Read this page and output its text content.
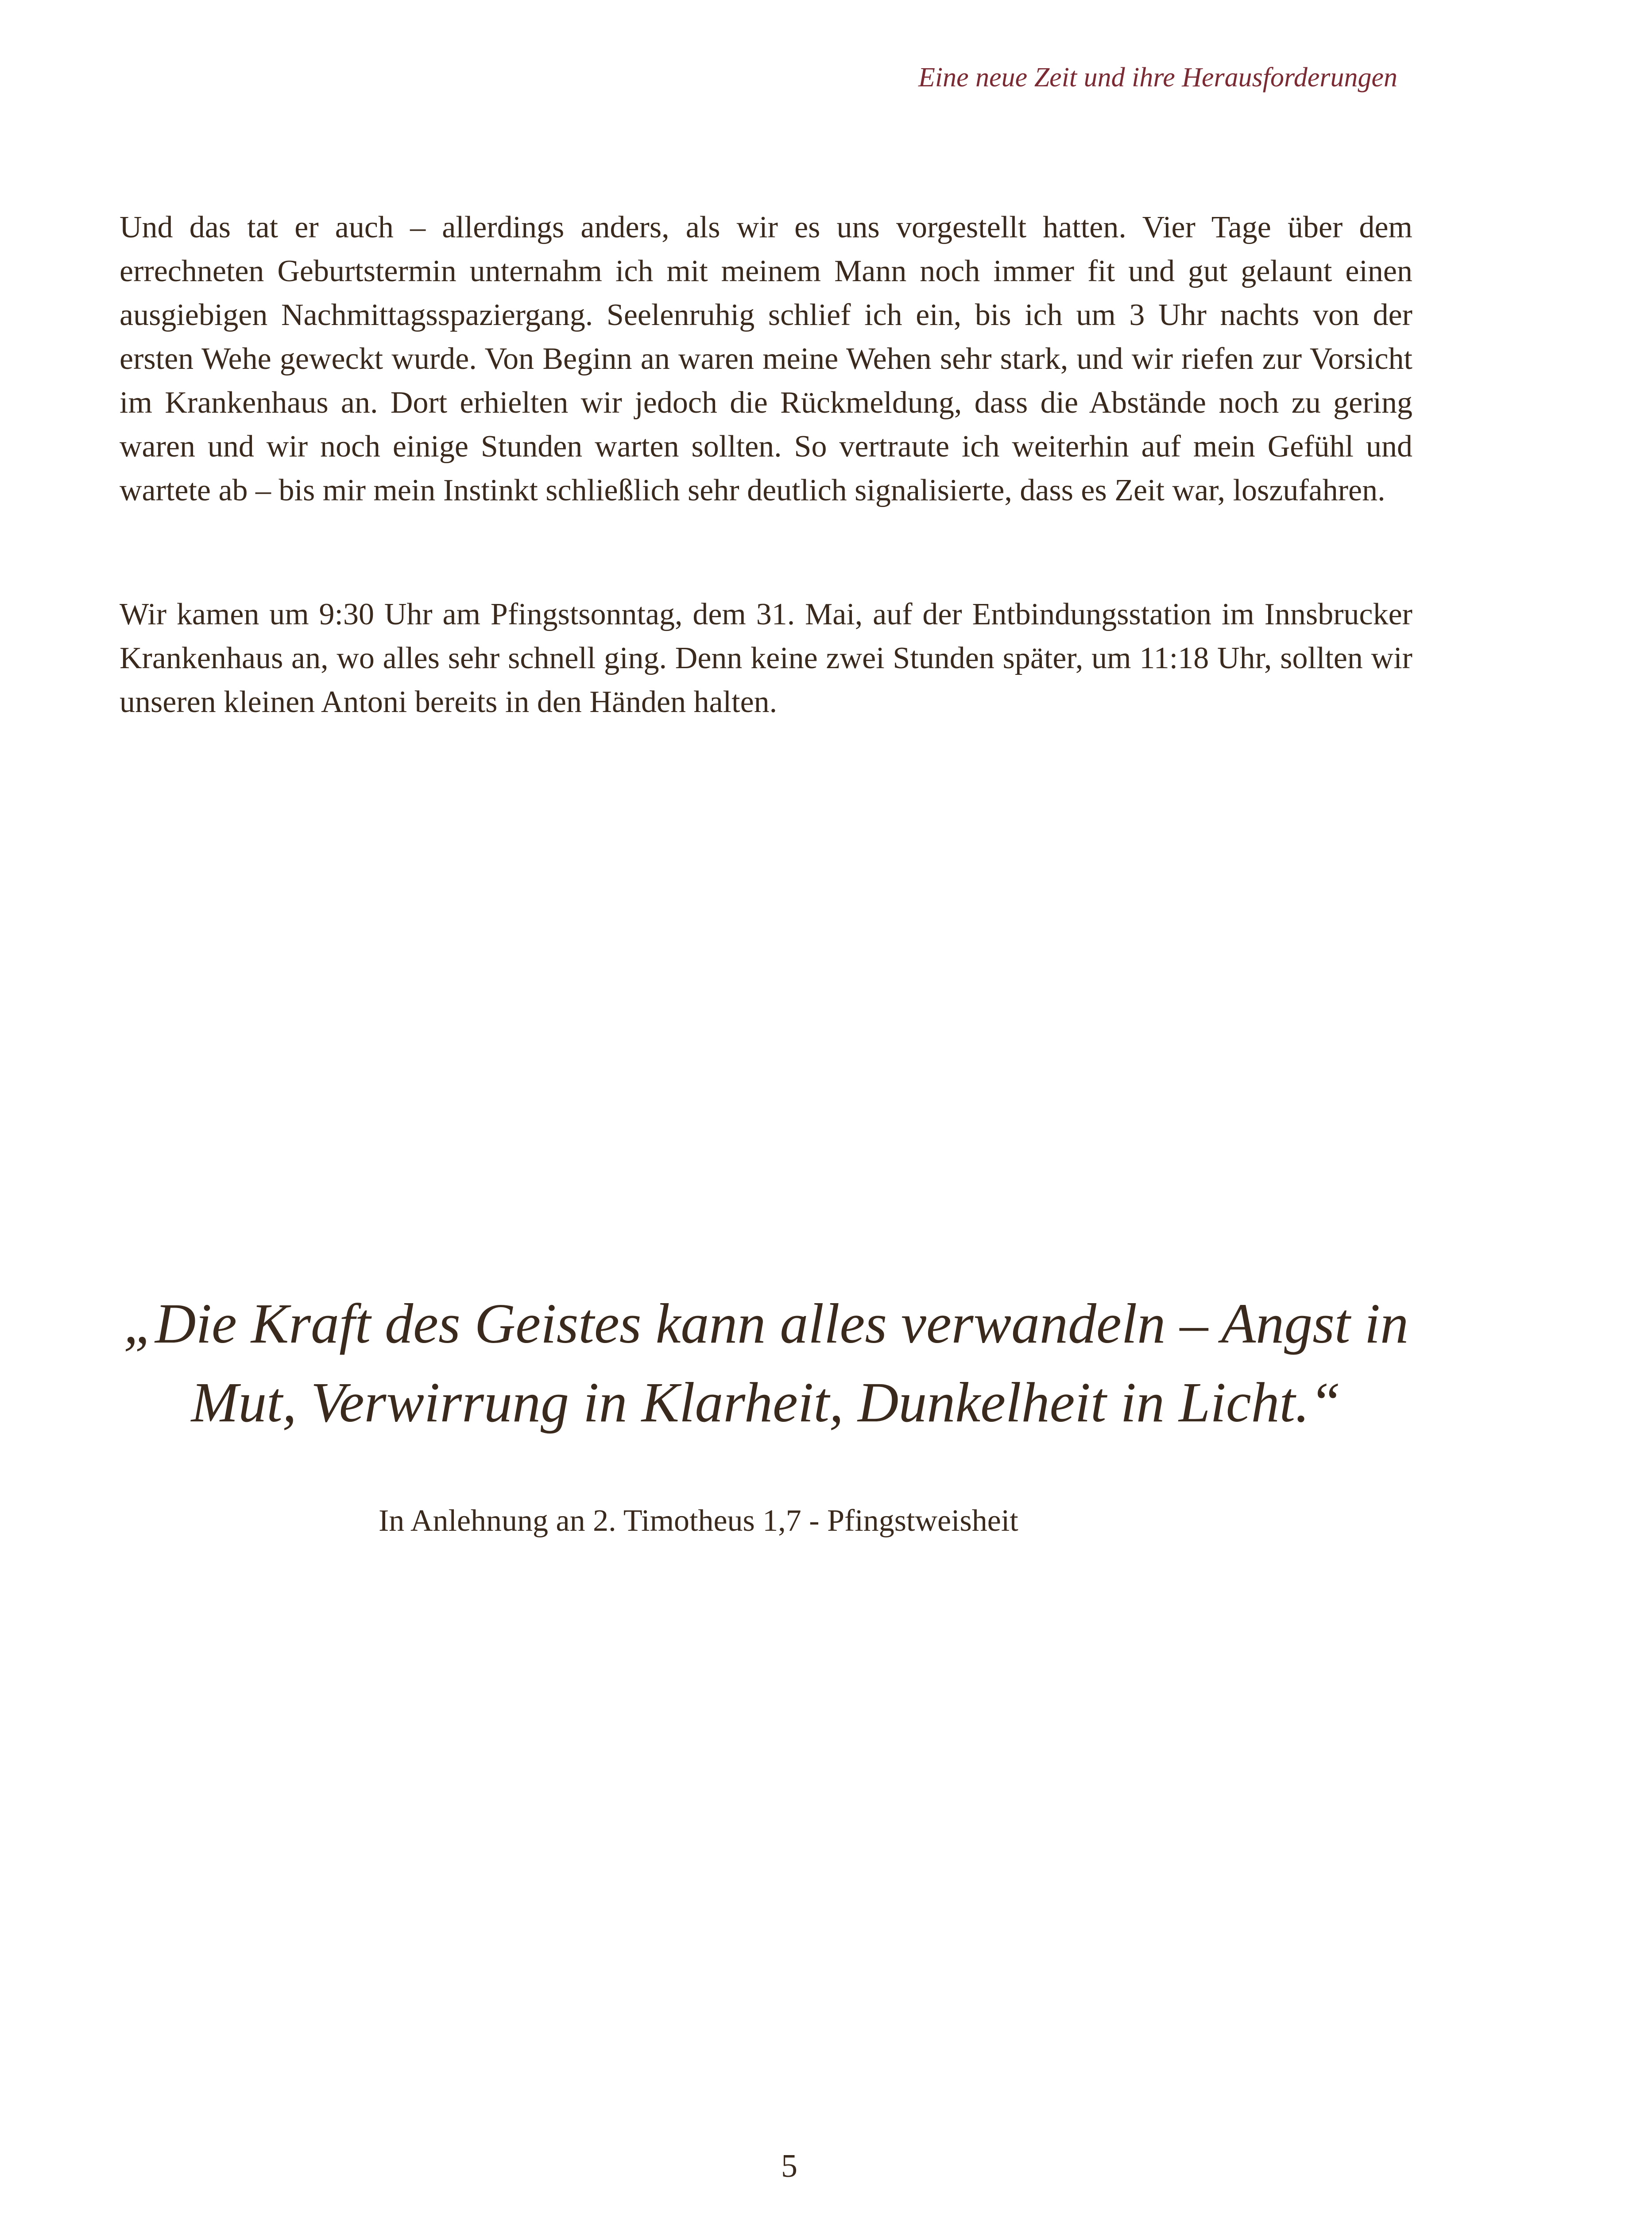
Eine neue Zeit und ihre Herausforderungen

Und das tat er auch – allerdings anders, als wir es uns vorgestellt hatten. Vier Tage über dem errechneten Geburtstermin unternahm ich mit meinem Mann noch immer fit und gut gelaunt einen ausgiebigen Nachmittagsspaziergang. Seelenruhig schlief ich ein, bis ich um 3 Uhr nachts von der ersten Wehe geweckt wurde. Von Beginn an waren meine Wehen sehr stark, und wir riefen zur Vorsicht im Krankenhaus an. Dort erhielten wir jedoch die Rückmeldung, dass die Abstände noch zu gering waren und wir noch einige Stunden warten sollten. So vertraute ich weiterhin auf mein Gefühl und wartete ab – bis mir mein Instinkt schließlich sehr deutlich signalisierte, dass es Zeit war, loszufahren.

Wir kamen um 9:30 Uhr am Pfingstsonntag, dem 31. Mai, auf der Entbindungsstation im Innsbrucker Krankenhaus an, wo alles sehr schnell ging. Denn keine zwei Stunden später, um 11:18 Uhr, sollten wir unseren kleinen Antoni bereits in den Händen halten.

„Die Kraft des Geistes kann alles verwandeln – Angst in Mut, Verwirrung in Klarheit, Dunkelheit in Licht.“

In Anlehnung an 2. Timotheus 1,7 - Pfingstweisheit
5
